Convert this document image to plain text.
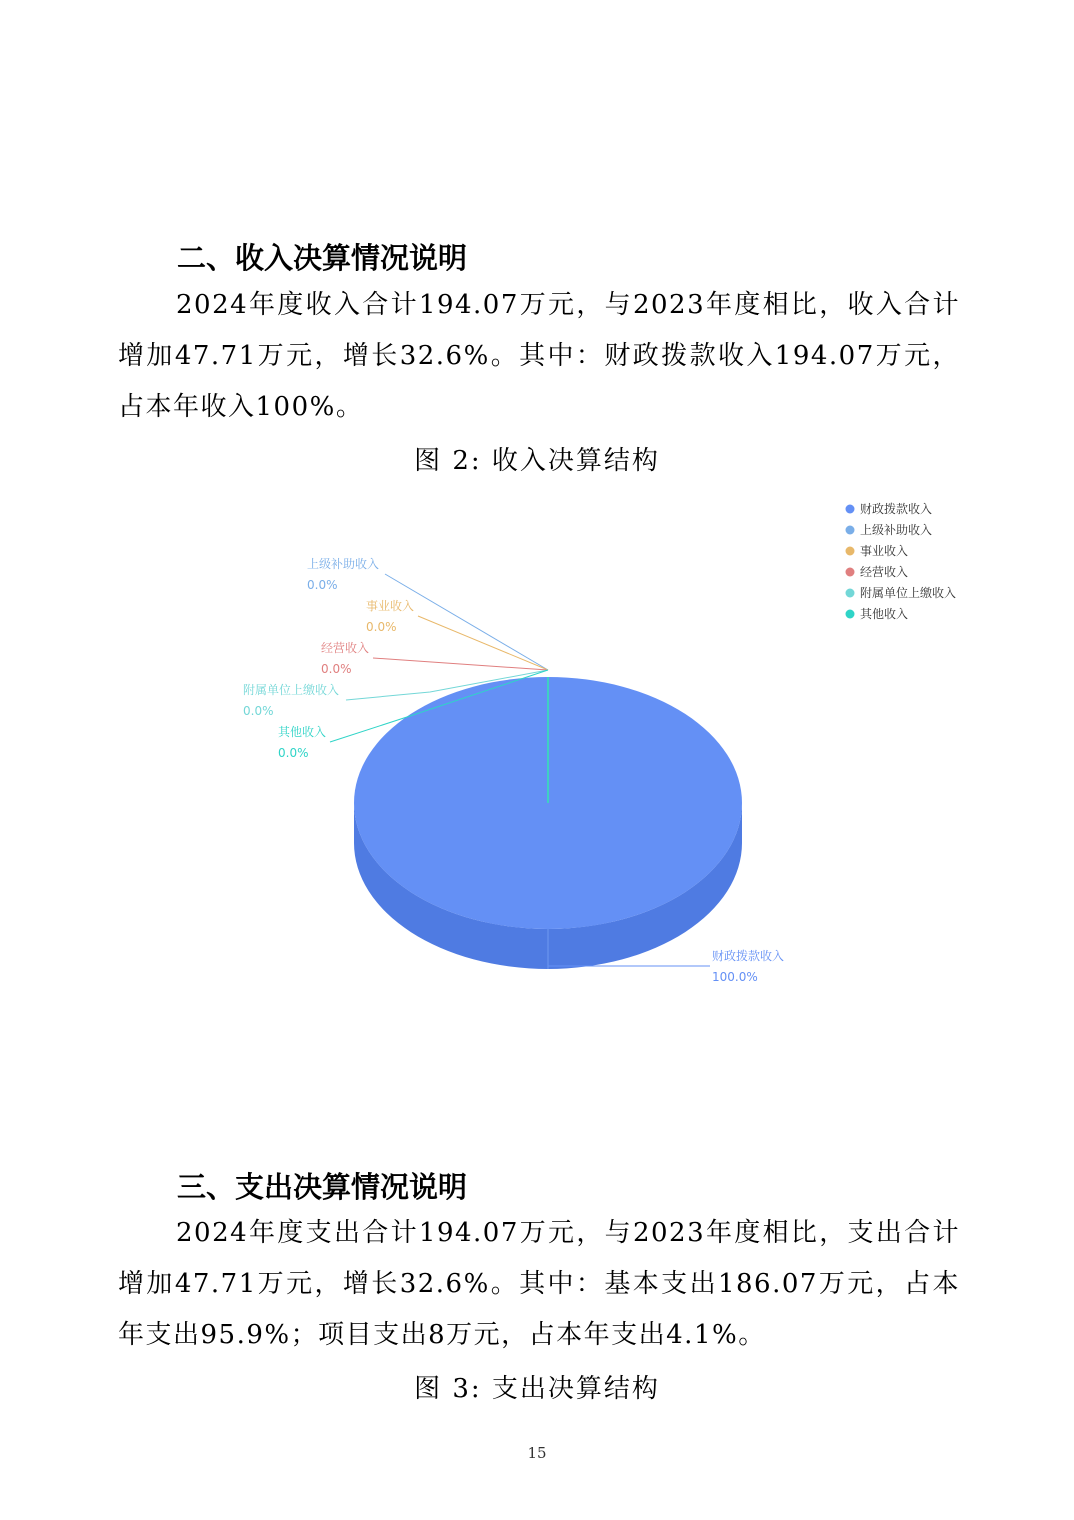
二、收入决算情况说明

2024年度收入合计194.07万元，与2023年度相比，收入合计增加47.71万元，增长32.6%。其中：财政拨款收入194.07万元，占本年收入100%。

图 2: 收入决算结构
财政拨款收入
100.0%
上级补助收入
0.0%
事业收入
0.0%
经营收入
0.0%
附属单位上缴收入
0.0%
其他收入
0.0%
财政拨款收入
上级补助收入
事业收入
经营收入
附属单位上缴收入
其他收入
三、支出决算情况说明

2024年度支出合计194.07万元，与2023年度相比，支出合计增加47.71万元，增长32.6%。其中：基本支出186.07万元，占本年支出95.9%；项目支出8万元，占本年支出4.1%。

图 3: 支出决算结构
15
